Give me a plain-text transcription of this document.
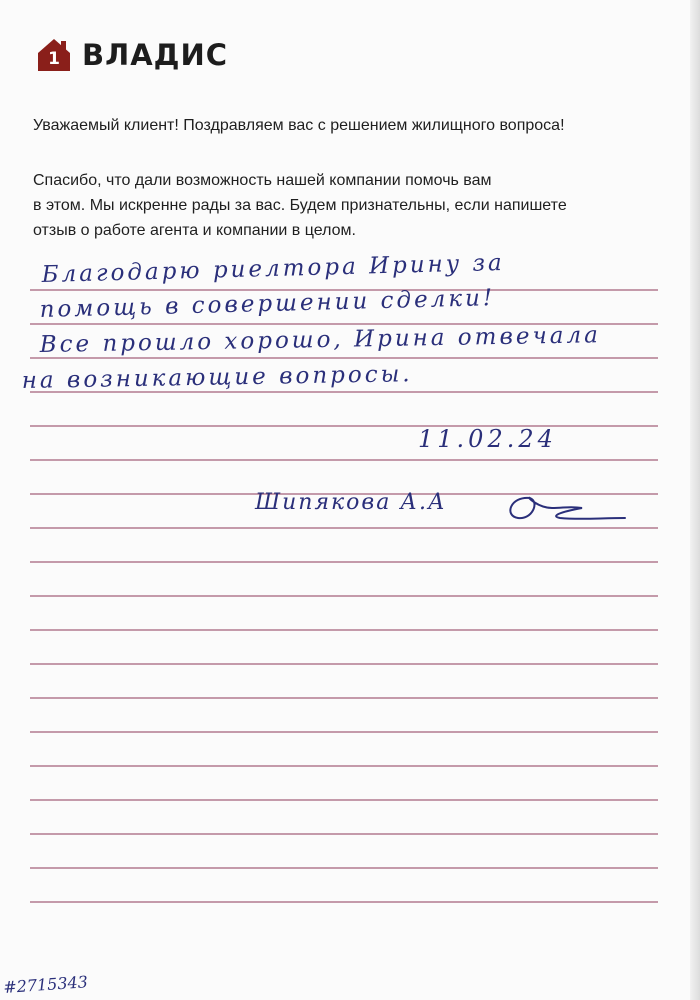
1 ВЛАДИС
Уважаемый клиент! Поздравляем вас с решением жилищного вопроса!
Спасибо, что дали возможность нашей компании помочь вам
в этом. Мы искренне рады за вас. Будем признательны, если напишете
отзыв о работе агента и компании в целом.
Благодарю риелтора Ирину за
помощь в совершении сделки!
Все прошло хорошо, Ирина отвечала
на возникающие вопросы.
11.02.24
Шипякова А.А
#2715343
